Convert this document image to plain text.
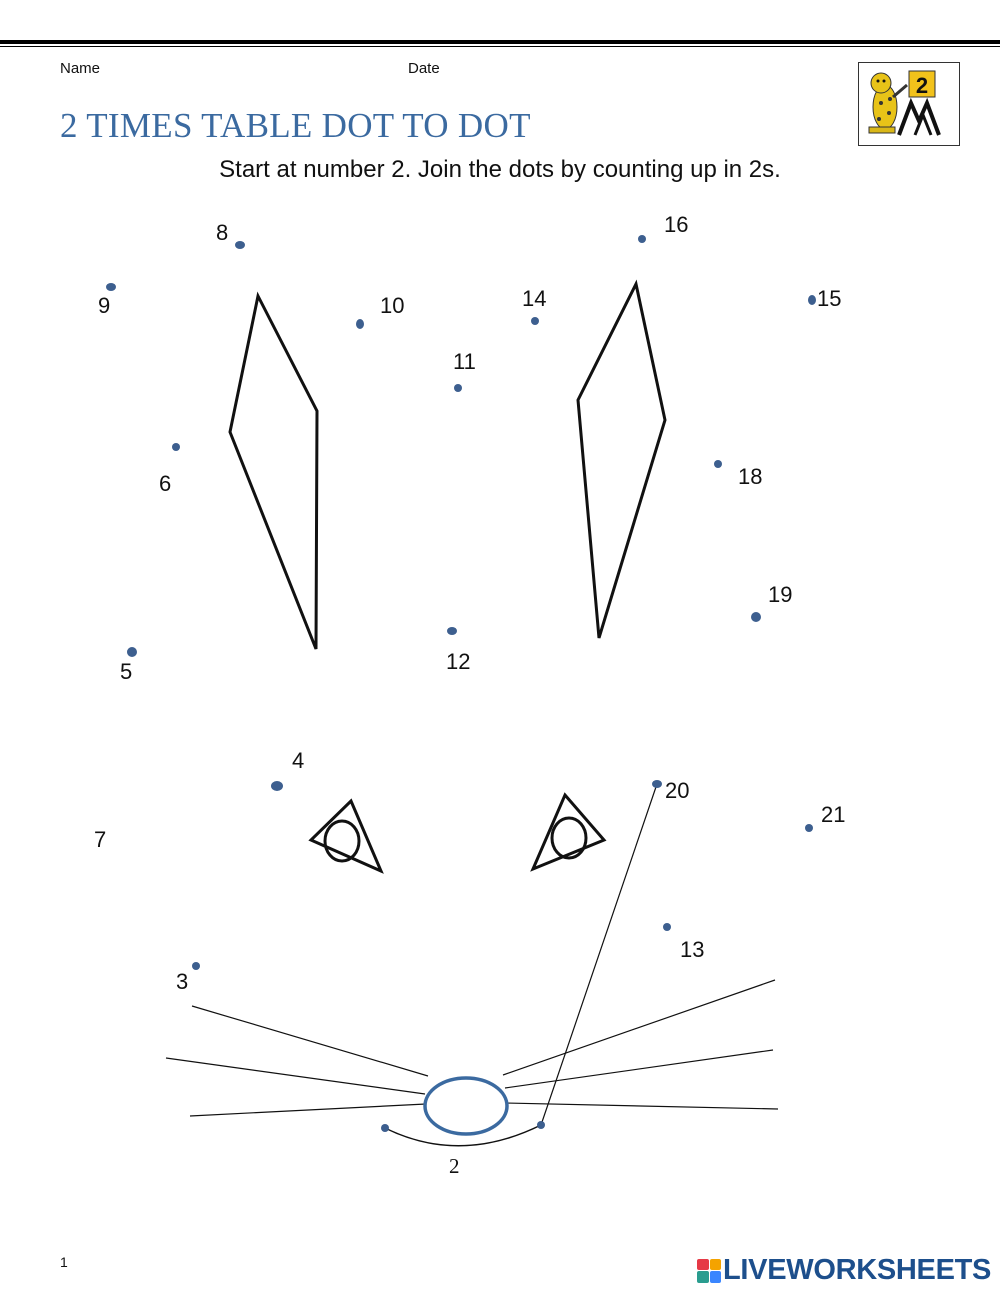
Name	Date
2
2 TIMES TABLE DOT TO DOT
Start at number 2. Join the dots by counting up in 2s.
8	16
9	10	14	15
11
6	18
19
5	12
4
20
21
7
13
3
2
1	LIVEWORKSHEETS
